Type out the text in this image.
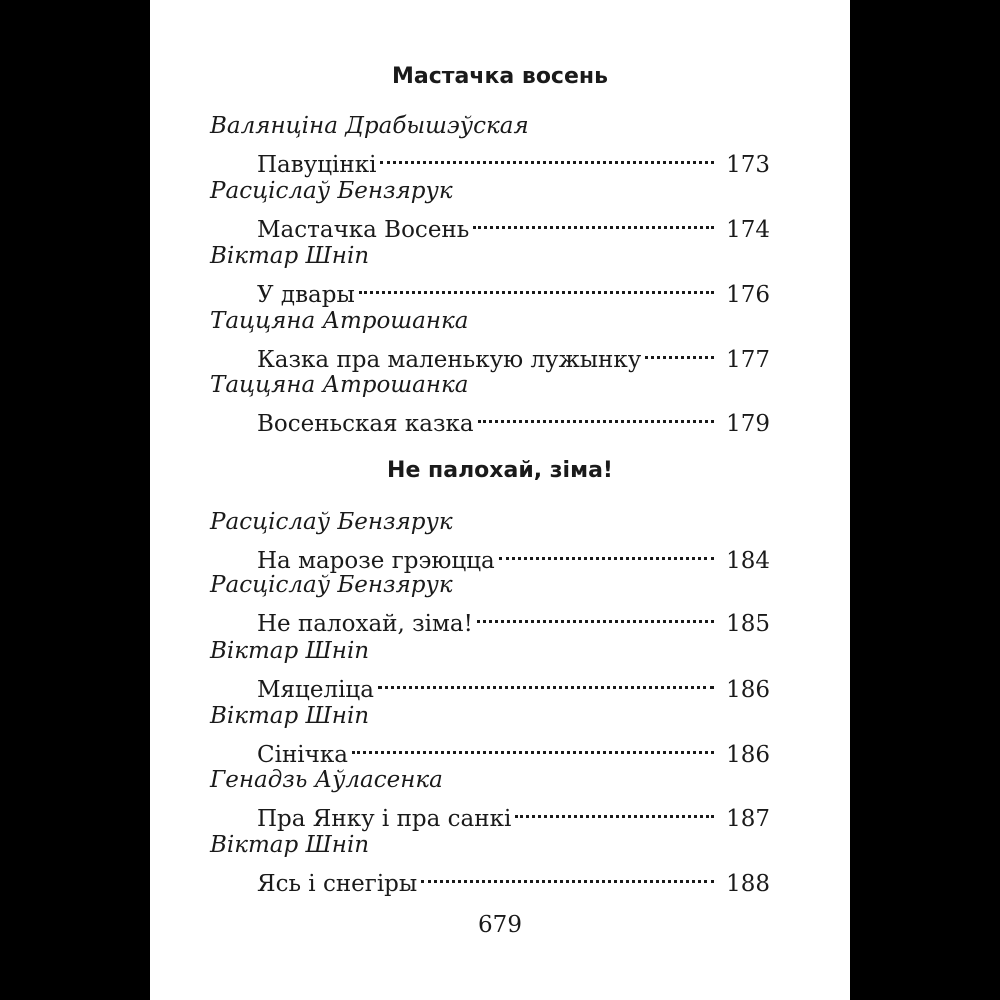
Мастачка восень
Валянціна Драбышэўская
Павуцінкі	173
Расціслаў Бензярук
Мастачка Восень	174
Віктар Шніп
У двары	176
Таццяна Атрошанка
Казка пра маленькую лужынку	177
Таццяна Атрошанка
Восеньская казка	179
Не палохай, зіма!
Расціслаў Бензярук
На марозе грэюцца	184
Расціслаў Бензярук
Не палохай, зіма!	185
Віктар Шніп
Мяцеліца	186
Віктар Шніп
Сінічка	186
Генадзь Аўласенка
Пра Янку і пра санкі	187
Віктар Шніп
Ясь і снегіры	188
679
